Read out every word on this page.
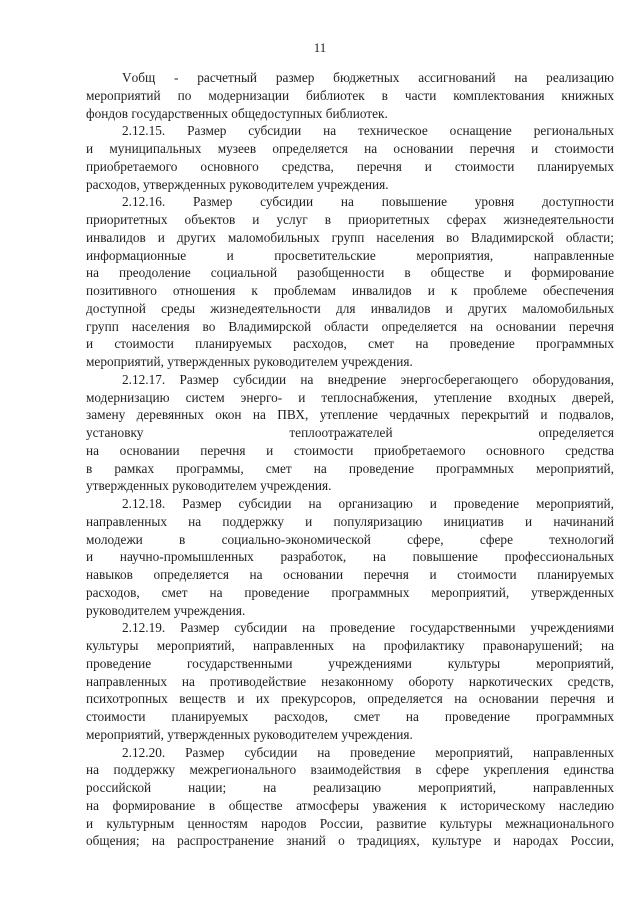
11

Vобщ - расчетный размер бюджетных ассигнований на реализацию
мероприятий по модернизации библиотек в части комплектования книжных
фондов государственных общедоступных библиотек.

2.12.15. Размер субсидии на техническое оснащение региональных
и муниципальных музеев определяется на основании перечня и стоимости
приобретаемого основного средства, перечня и стоимости планируемых
расходов, утвержденных руководителем учреждения.

2.12.16. Размер субсидии на повышение уровня доступности
приоритетных объектов и услуг в приоритетных сферах жизнедеятельности
инвалидов и других маломобильных групп населения во Владимирской области;
информационные и просветительские мероприятия, направленные
на преодоление социальной разобщенности в обществе и формирование
позитивного отношения к проблемам инвалидов и к проблеме обеспечения
доступной среды жизнедеятельности для инвалидов и других маломобильных
групп населения во Владимирской области определяется на основании перечня
и стоимости планируемых расходов, смет на проведение программных
мероприятий, утвержденных руководителем учреждения.

2.12.17. Размер субсидии на внедрение энергосберегающего оборудования,
модернизацию систем энерго- и теплоснабжения, утепление входных дверей,
замену деревянных окон на ПВХ, утепление чердачных перекрытий и подвалов,
установку теплоотражателей определяется
на основании перечня и стоимости приобретаемого основного средства
в рамках программы, смет на проведение программных мероприятий,
утвержденных руководителем учреждения.

2.12.18. Размер субсидии на организацию и проведение мероприятий,
направленных на поддержку и популяризацию инициатив и начинаний
молодежи в социально-экономической сфере, сфере технологий
и научно-промышленных разработок, на повышение профессиональных
навыков определяется на основании перечня и стоимости планируемых
расходов, смет на проведение программных мероприятий, утвержденных
руководителем учреждения.

2.12.19. Размер субсидии на проведение государственными учреждениями
культуры мероприятий, направленных на профилактику правонарушений; на
проведение государственными учреждениями культуры мероприятий,
направленных на противодействие незаконному обороту наркотических средств,
психотропных веществ и их прекурсоров, определяется на основании перечня и
стоимости планируемых расходов, смет на проведение программных
мероприятий, утвержденных руководителем учреждения.

2.12.20. Размер субсидии на проведение мероприятий, направленных
на поддержку межрегионального взаимодействия в сфере укрепления единства
российской нации; на реализацию мероприятий, направленных
на формирование в обществе атмосферы уважения к историческому наследию
и культурным ценностям народов России, развитие культуры межнационального
общения; на распространение знаний о традициях, культуре и народах России,
